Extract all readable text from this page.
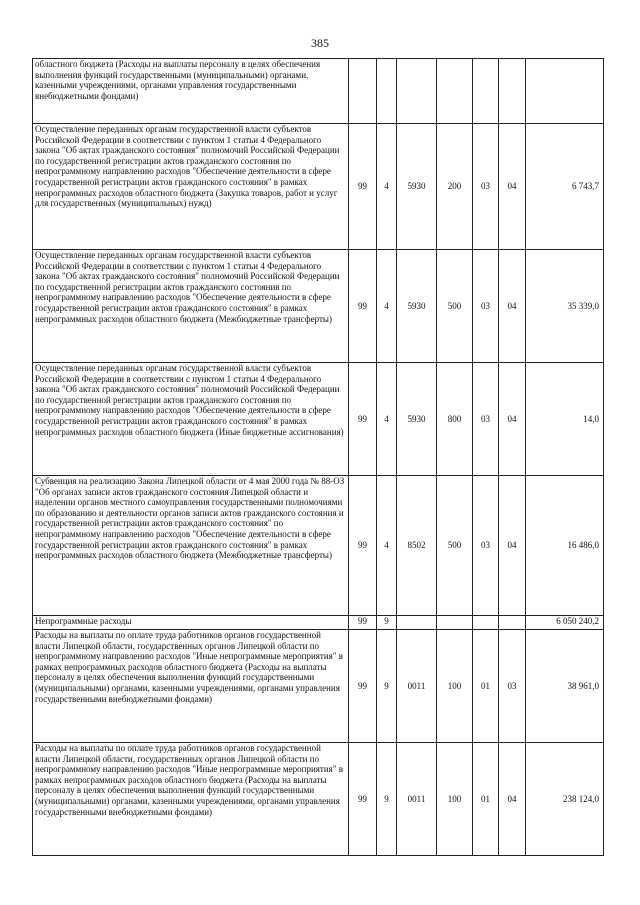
385
областного бюджета (Расходы на выплаты персоналу в целях обеспечения выполнения функций государственными (муниципальными) органами, казенными учреждениями, органами управления государственными внебюджетными фондами)							
Осуществление переданных органам государственной власти субъектов Российской Федерации в соответствии с пунктом 1 статьи 4 Федерального закона "Об актах гражданского состояния" полномочий Российской Федерации по государственной регистрации актов гражданского состояния по непрограммному направлению расходов "Обеспечение деятельности в сфере государственной регистрации актов гражданского состояния" в рамках непрограммных расходов областного бюджета (Закупка товаров, работ и услуг для государственных (муниципальных) нужд)	99	4	5930	200	03	04	6 743,7
Осуществление переданных органам государственной власти субъектов Российской Федерации в соответствии с пунктом 1 статьи 4 Федерального закона "Об актах гражданского состояния" полномочий Российской Федерации по государственной регистрации актов гражданского состояния по непрограммному направлению расходов "Обеспечение деятельности в сфере государственной регистрации актов гражданского состояния" в рамках непрограммных расходов областного бюджета (Межбюджетные трансферты)	99	4	5930	500	03	04	35 339,0
Осуществление переданных органам государственной власти субъектов Российской Федерации в соответствии с пунктом 1 статьи 4 Федерального закона "Об актах гражданского состояния" полномочий Российской Федерации по государственной регистрации актов гражданского состояния по непрограммному направлению расходов "Обеспечение деятельности в сфере государственной регистрации актов гражданского состояния" в рамках непрограммных расходов областного бюджета (Иные бюджетные ассигнования)	99	4	5930	800	03	04	14,0
Субвенция на реализацию Закона Липецкой области от 4 мая 2000 года № 88-ОЗ "Об органах записи актов гражданского состояния Липецкой области и наделении органов местного самоуправления государственными полномочиями по образованию и деятельности органов записи актов гражданского состояния и государственной регистрации актов гражданского состояния" по непрограммному направлению расходов "Обеспечение деятельности в сфере государственной регистрации актов гражданского состояния" в рамках непрограммных расходов областного бюджета (Межбюджетные трансферты)	99	4	8502	500	03	04	16 486,0
Непрограммные расходы	99	9					6 050 240,2
Расходы на выплаты по оплате труда работников органов государственной власти Липецкой области, государственных органов Липецкой области по непрограммному направлению расходов "Иные непрограммные мероприятия" в рамках непрограммных расходов областного бюджета (Расходы на выплаты персоналу в целях обеспечения выполнения функций государственными (муниципальными) органами, казенными учреждениями, органами управления государственными внебюджетными фондами)	99	9	0011	100	01	03	38 961,0
Расходы на выплаты по оплате труда работников органов государственной власти Липецкой области, государственных органов Липецкой области по непрограммному направлению расходов "Иные непрограммные мероприятия" в рамках непрограммных расходов областного бюджета (Расходы на выплаты персоналу в целях обеспечения выполнения функций государственными (муниципальными) органами, казенными учреждениями, органами управления государственными внебюджетными фондами)	99	9	0011	100	01	04	238 124,0
